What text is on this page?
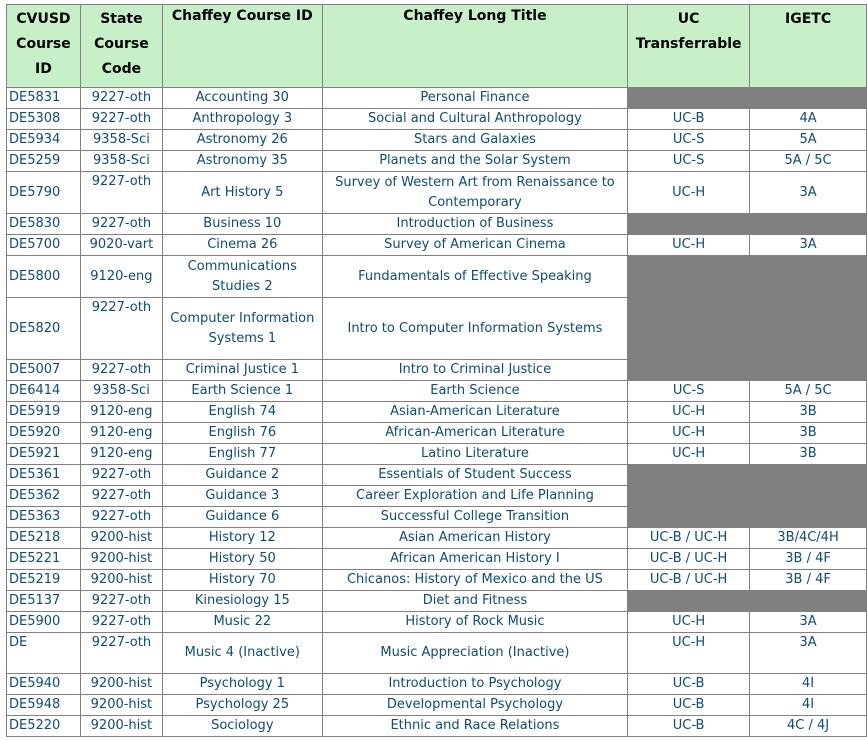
CVUSD Course ID	State Course Code	Chaffey Course ID	Chaffey Long Title	UC Transferrable	IGETC
DE5831	9227-oth	Accounting 30	Personal Finance		
DE5308	9227-oth	Anthropology 3	Social and Cultural Anthropology	UC-B	4A
DE5934	9358-Sci	Astronomy 26	Stars and Galaxies	UC-S	5A
DE5259	9358-Sci	Astronomy 35	Planets and the Solar System	UC-S	5A / 5C
DE5790	9227-oth	Art History 5	Survey of Western Art from Renaissance to Contemporary	UC-H	3A
DE5830	9227-oth	Business 10	Introduction of Business		
DE5700	9020-vart	Cinema 26	Survey of American Cinema	UC-H	3A
DE5800	9120-eng	Communications Studies 2	Fundamentals of Effective Speaking		
DE5820	9227-oth	Computer Information Systems 1	Intro to Computer Information Systems		
DE5007	9227-oth	Criminal Justice 1	Intro to Criminal Justice		
DE6414	9358-Sci	Earth Science 1	Earth Science	UC-S	5A / 5C
DE5919	9120-eng	English 74	Asian-American Literature	UC-H	3B
DE5920	9120-eng	English 76	African-American Literature	UC-H	3B
DE5921	9120-eng	English 77	Latino Literature	UC-H	3B
DE5361	9227-oth	Guidance 2	Essentials of Student Success		
DE5362	9227-oth	Guidance 3	Career Exploration and Life Planning		
DE5363	9227-oth	Guidance 6	Successful College Transition		
DE5218	9200-hist	History 12	Asian American History	UC-B / UC-H	3B/4C/4H
DE5221	9200-hist	History 50	African American History I	UC-B / UC-H	3B / 4F
DE5219	9200-hist	History 70	Chicanos: History of Mexico and the US	UC-B / UC-H	3B / 4F
DE5137	9227-oth	Kinesiology 15	Diet and Fitness		
DE5900	9227-oth	Music 22	History of Rock Music	UC-H	3A
DE	9227-oth	Music 4 (Inactive)	Music Appreciation (Inactive)	UC-H	3A
DE5940	9200-hist	Psychology 1	Introduction to Psychology	UC-B	4I
DE5948	9200-hist	Psychology 25	Developmental Psychology	UC-B	4I
DE5220	9200-hist	Sociology	Ethnic and Race Relations	UC-B	4C / 4J
